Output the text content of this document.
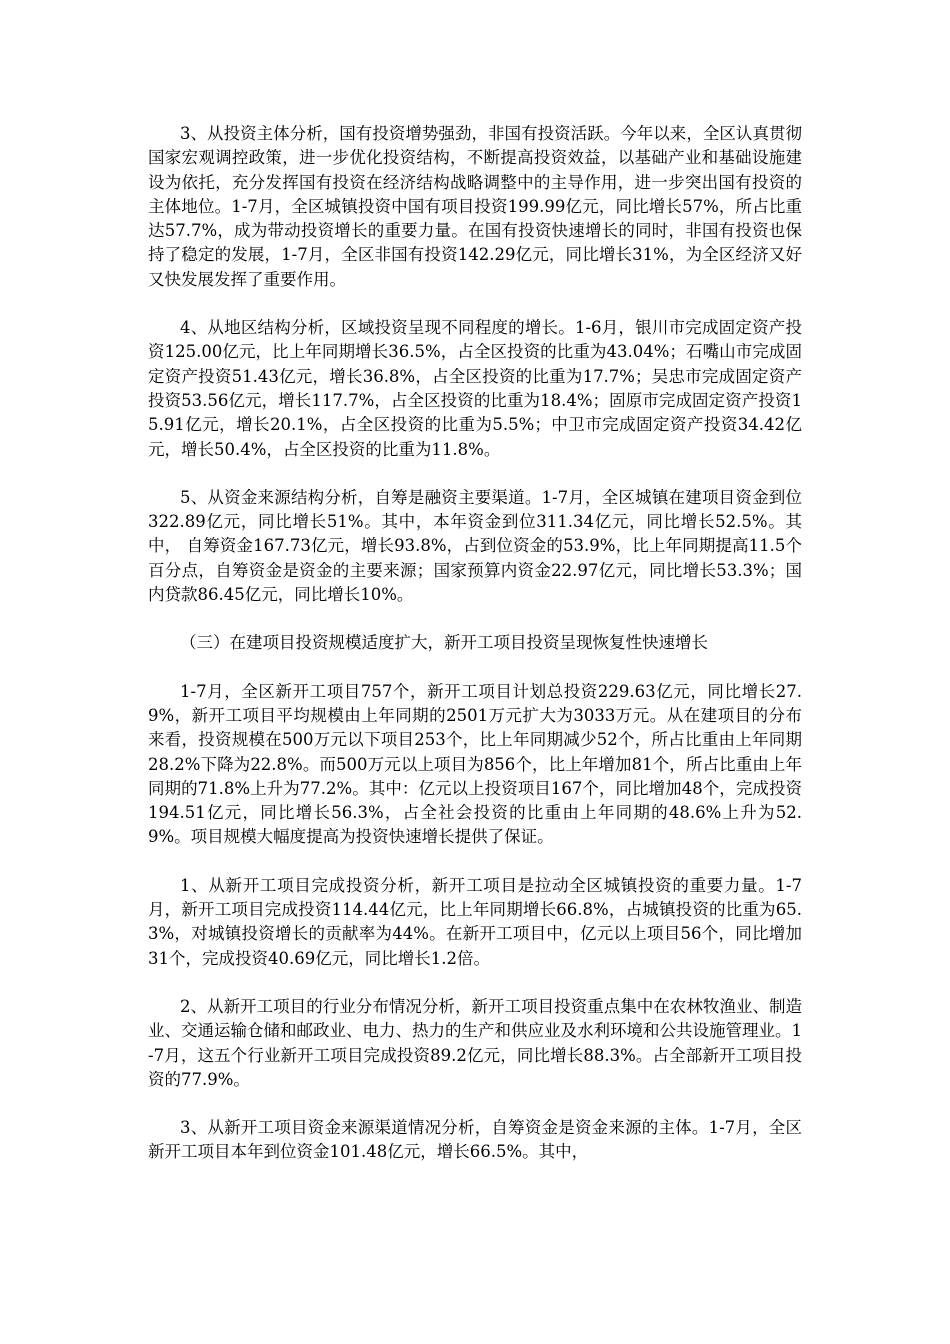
3、从投资主体分析，国有投资增势强劲，非国有投资活跃。今年以来，全区认真贯彻国家宏观调控政策，进一步优化投资结构，不断提高投资效益，以基础产业和基础设施建设为依托，充分发挥国有投资在经济结构战略调整中的主导作用，进一步突出国有投资的主体地位。1-7月，全区城镇投资中国有项目投资199.99亿元，同比增长57%，所占比重达57.7%，成为带动投资增长的重要力量。在国有投资快速增长的同时，非国有投资也保持了稳定的发展，1-7月，全区非国有投资142.29亿元，同比增长31%，为全区经济又好又快发展发挥了重要作用。

4、从地区结构分析，区域投资呈现不同程度的增长。1-6月，银川市完成固定资产投资125.00亿元，比上年同期增长36.5%，占全区投资的比重为43.04%；石嘴山市完成固定资产投资51.43亿元，增长36.8%，占全区投资的比重为17.7%；吴忠市完成固定资产投资53.56亿元，增长117.7%，占全区投资的比重为18.4%；固原市完成固定资产投资15.91亿元，增长20.1%，占全区投资的比重为5.5%；中卫市完成固定资产投资34.42亿元，增长50.4%，占全区投资的比重为11.8%。

5、从资金来源结构分析，自筹是融资主要渠道。1-7月，全区城镇在建项目资金到位322.89亿元，同比增长51%。其中，本年资金到位311.34亿元，同比增长52.5%。其中， 自筹资金167.73亿元，增长93.8%，占到位资金的53.9%，比上年同期提高11.5个百分点，自筹资金是资金的主要来源；国家预算内资金22.97亿元，同比增长53.3%；国内贷款86.45亿元，同比增长10%。

（三）在建项目投资规模适度扩大，新开工项目投资呈现恢复性快速增长

1-7月，全区新开工项目757个，新开工项目计划总投资229.63亿元，同比增长27.9%，新开工项目平均规模由上年同期的2501万元扩大为3033万元。从在建项目的分布来看，投资规模在500万元以下项目253个，比上年同期减少52个，所占比重由上年同期28.2%下降为22.8%。而500万元以上项目为856个，比上年增加81个，所占比重由上年同期的71.8%上升为77.2%。其中：亿元以上投资项目167个，同比增加48个，完成投资194.51亿元，同比增长56.3%，占全社会投资的比重由上年同期的48.6%上升为52.9%。项目规模大幅度提高为投资快速增长提供了保证。

1、从新开工项目完成投资分析，新开工项目是拉动全区城镇投资的重要力量。1-7月，新开工项目完成投资114.44亿元，比上年同期增长66.8%，占城镇投资的比重为65.3%，对城镇投资增长的贡献率为44%。在新开工项目中，亿元以上项目56个，同比增加31个，完成投资40.69亿元，同比增长1.2倍。

2、从新开工项目的行业分布情况分析，新开工项目投资重点集中在农林牧渔业、制造业、交通运输仓储和邮政业、电力、热力的生产和供应业及水利环境和公共设施管理业。1-7月，这五个行业新开工项目完成投资89.2亿元，同比增长88.3%。占全部新开工项目投资的77.9%。

3、从新开工项目资金来源渠道情况分析，自筹资金是资金来源的主体。1-7月，全区新开工项目本年到位资金101.48亿元，增长66.5%。其中，
